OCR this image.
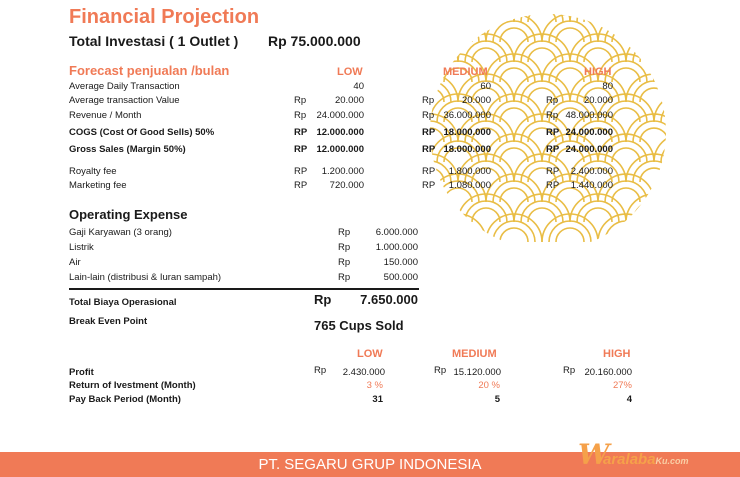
Financial Projection
Total Investasi ( 1 Outlet ) Rp 75.000.000
Forecast penjualan /bulan	LOW	MEDIUM	HIGH
Average Daily Transaction	40	60	80
Average transaction Value	Rp	20.000	Rp	20.000	Rp	20.000
Revenue / Month	Rp	24.000.000	Rp 36.000.000	Rp 48.000.000
COGS (Cost Of Good Sells) 50%	RP 12.000.000	RP 18.000.000	RP 24.000.000
Gross Sales (Margin 50%)	RP 12.000.000	RP 18.000.000	RP 24.000.000
Royalty fee	RP	1.200.000	RP	1.800.000	RP	2.400.000
Marketing fee	RP	720.000	RP	1.080.000	RP	1.440.000
Operating Expense
Gaji Karyawan (3 orang)	Rp	6.000.000
Listrik	Rp	1.000.000
Air	Rp	150.000
Lain-lain (distribusi & Iuran sampah)	Rp	500.000
Total Biaya Operasional	Rp	7.650.000
Break Even Point	765 Cups Sold
LOW	MEDIUM	HIGH
Profit	Rp	2.430.000	Rp 15.120.000	Rp 20.160.000
Return of Ivestment (Month)	3 %	20 %	27%
Pay Back Period (Month)	31	5	4
PT. SEGARU GRUP INDONESIA	W
aralabaKu.com
